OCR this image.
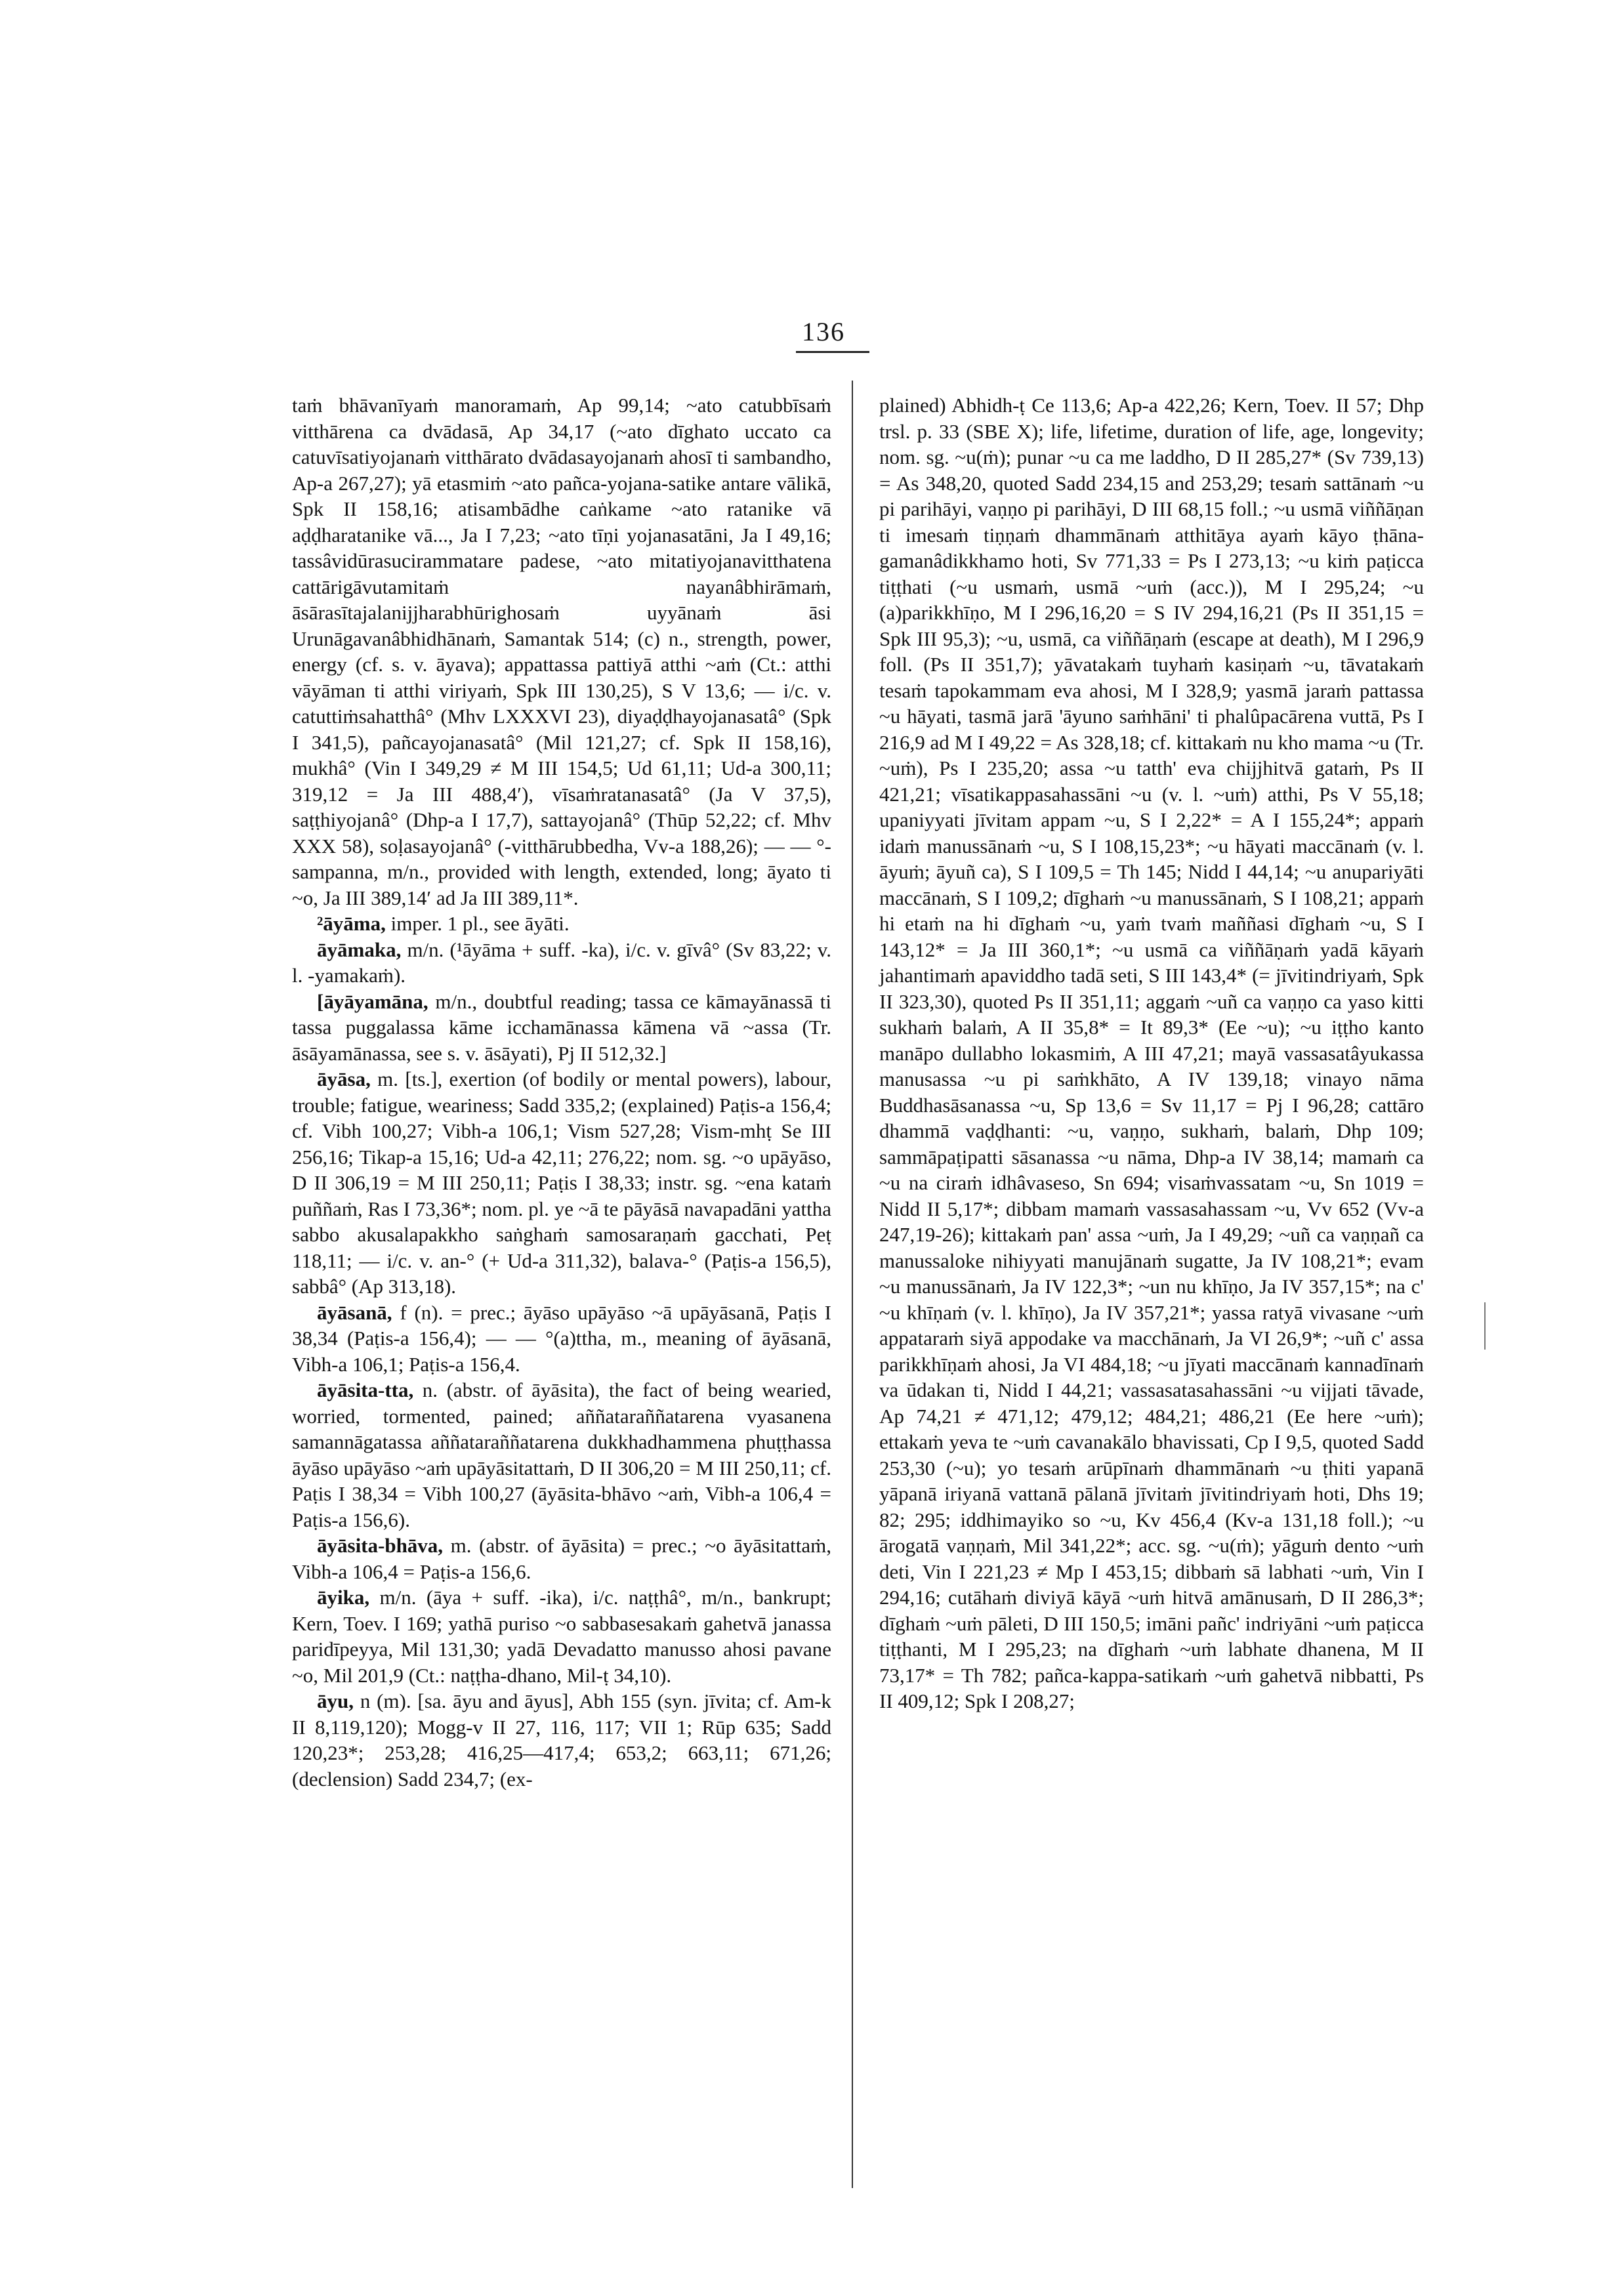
136

taṁ bhāvanīyaṁ manoramaṁ, Ap 99,14; ~ato catubbīsaṁ vitthārena ca dvādasā, Ap 34,17 (~ato dīghato uccato ca catuvīsatiyojanaṁ vitthārato dvādasayojanaṁ ahosī ti sambandho, Ap-a 267,27); yā etasmiṁ ~ato pañca-yojana-satike antare vālikā, Spk II 158,16; atisambādhe caṅkame ~ato ratanike vā aḍḍharatanike vā..., Ja I 7,23; ~ato tīṇi yojanasatāni, Ja I 49,16; tassâvidūrasucirammatare padese, ~ato mitatiyojanavitthatena cattārigāvutamitaṁ nayanâbhirāmaṁ, āsārasītajalanijjharabhūrighosaṁ uyyānaṁ āsi Urunāgavanâbhidhānaṁ, Samantak 514; (c) n., strength, power, energy (cf. s. v. āyava); appattassa pattiyā atthi ~aṁ (Ct.: atthi vāyāman ti atthi viriyaṁ, Spk III 130,25), S V 13,6; — i/c. v. catuttiṁsahatthâ° (Mhv LXXXVI 23), diyaḍḍhayojanasatâ° (Spk I 341,5), pañcayojanasatâ° (Mil 121,27; cf. Spk II 158,16), mukhâ° (Vin I 349,29 ≠ M III 154,5; Ud 61,11; Ud-a 300,11; 319,12 = Ja III 488,4′), vīsaṁratanasatâ° (Ja V 37,5), saṭṭhiyojanâ° (Dhp-a I 17,7), sattayojanâ° (Thūp 52,22; cf. Mhv XXX 58), soḷasayojanâ° (-vitthārubbedha, Vv-a 188,26); — — °-sampanna, m/n., provided with length, extended, long; āyato ti ~o, Ja III 389,14′ ad Ja III 389,11*.

²āyāma, imper. 1 pl., see āyāti.

āyāmaka, m/n. (¹āyāma + suff. -ka), i/c. v. gīvâ° (Sv 83,22; v. l. -yamakaṁ).

[āyāyamāna, m/n., doubtful reading; tassa ce kāmayānassā ti tassa puggalassa kāme icchamānassa kāmena vā ~assa (Tr. āsāyamānassa, see s. v. āsāyati), Pj II 512,32.]

āyāsa, m. [ts.], exertion (of bodily or mental powers), labour, trouble; fatigue, weariness; Sadd 335,2; (explained) Paṭis-a 156,4; cf. Vibh 100,27; Vibh-a 106,1; Vism 527,28; Vism-mhṭ Se III 256,16; Tikap-a 15,16; Ud-a 42,11; 276,22; nom. sg. ~o upāyāso, D II 306,19 = M III 250,11; Paṭis I 38,33; instr. sg. ~ena kataṁ puññaṁ, Ras I 73,36*; nom. pl. ye ~ā te pāyāsā navapadāni yattha sabbo akusalapakkho saṅghaṁ samosaraṇaṁ gacchati, Peṭ 118,11; — i/c. v. an-° (+ Ud-a 311,32), balava-° (Paṭis-a 156,5), sabbâ° (Ap 313,18).

āyāsanā, f (n). = prec.; āyāso upāyāso ~ā upāyāsanā, Paṭis I 38,34 (Paṭis-a 156,4); — — °(a)ttha, m., meaning of āyāsanā, Vibh-a 106,1; Paṭis-a 156,4.

āyāsita-tta, n. (abstr. of āyāsita), the fact of being wearied, worried, tormented, pained; aññataraññatarena vyasanena samannāgatassa aññataraññatarena dukkhadhammena phuṭṭhassa āyāso upāyāso ~aṁ upāyāsitattaṁ, D II 306,20 = M III 250,11; cf. Paṭis I 38,34 = Vibh 100,27 (āyāsita-bhāvo ~aṁ, Vibh-a 106,4 = Paṭis-a 156,6).

āyāsita-bhāva, m. (abstr. of āyāsita) = prec.; ~o āyāsitattaṁ, Vibh-a 106,4 = Paṭis-a 156,6.

āyika, m/n. (āya + suff. -ika), i/c. naṭṭhâ°, m/n., bankrupt; Kern, Toev. I 169; yathā puriso ~o sabbasesakaṁ gahetvā janassa paridīpeyya, Mil 131,30; yadā Devadatto manusso ahosi pavane ~o, Mil 201,9 (Ct.: naṭṭha-dhano, Mil-ṭ 34,10).

āyu, n (m). [sa. āyu and āyus], Abh 155 (syn. jīvita; cf. Am-k II 8,119,120); Mogg-v II 27, 116, 117; VII 1; Rūp 635; Sadd 120,23*; 253,28; 416,25—417,4; 653,2; 663,11; 671,26; (declension) Sadd 234,7; (ex-

plained) Abhidh-ṭ Ce 113,6; Ap-a 422,26; Kern, Toev. II 57; Dhp trsl. p. 33 (SBE X); life, lifetime, duration of life, age, longevity; nom. sg. ~u(ṁ); punar ~u ca me laddho, D II 285,27* (Sv 739,13) = As 348,20, quoted Sadd 234,15 and 253,29; tesaṁ sattānaṁ ~u pi parihāyi, vaṇṇo pi parihāyi, D III 68,15 foll.; ~u usmā viññāṇan ti imesaṁ tiṇṇaṁ dhammānaṁ atthitāya ayaṁ kāyo ṭhāna-gamanâdikkhamo hoti, Sv 771,33 = Ps I 273,13; ~u kiṁ paṭicca tiṭṭhati (~u usmaṁ, usmā ~uṁ (acc.)), M I 295,24; ~u (a)parikkhīṇo, M I 296,16,20 = S IV 294,16,21 (Ps II 351,15 = Spk III 95,3); ~u, usmā, ca viññāṇaṁ (escape at death), M I 296,9 foll. (Ps II 351,7); yāvatakaṁ tuyhaṁ kasiṇaṁ ~u, tāvatakaṁ tesaṁ tapokammam eva ahosi, M I 328,9; yasmā jaraṁ pattassa ~u hāyati, tasmā jarā 'āyuno saṁhāni' ti phalûpacārena vuttā, Ps I 216,9 ad M I 49,22 = As 328,18; cf. kittakaṁ nu kho mama ~u (Tr. ~uṁ), Ps I 235,20; assa ~u tatth' eva chijjhitvā gataṁ, Ps II 421,21; vīsatikappasahassāni ~u (v. l. ~uṁ) atthi, Ps V 55,18; upaniyyati jīvitam appam ~u, S I 2,22* = A I 155,24*; appaṁ idaṁ manussānaṁ ~u, S I 108,15,23*; ~u hāyati maccānaṁ (v. l. āyuṁ; āyuñ ca), S I 109,5 = Th 145; Nidd I 44,14; ~u anupariyāti maccānaṁ, S I 109,2; dīghaṁ ~u manussānaṁ, S I 108,21; appaṁ hi etaṁ na hi dīghaṁ ~u, yaṁ tvaṁ maññasi dīghaṁ ~u, S I 143,12* = Ja III 360,1*; ~u usmā ca viññāṇaṁ yadā kāyaṁ jahantimaṁ apaviddho tadā seti, S III 143,4* (= jīvitindriyaṁ, Spk II 323,30), quoted Ps II 351,11; aggaṁ ~uñ ca vaṇṇo ca yaso kitti sukhaṁ balaṁ, A II 35,8* = It 89,3* (Ee ~u); ~u iṭṭho kanto manāpo dullabho lokasmiṁ, A III 47,21; mayā vassasatâyukassa manusassa ~u pi saṁkhāto, A IV 139,18; vinayo nāma Buddhasāsanassa ~u, Sp 13,6 = Sv 11,17 = Pj I 96,28; cattāro dhammā vaḍḍhanti: ~u, vaṇṇo, sukhaṁ, balaṁ, Dhp 109; sammāpaṭipatti sāsanassa ~u nāma, Dhp-a IV 38,14; mamaṁ ca ~u na ciraṁ idhâvaseso, Sn 694; visaṁvassatam ~u, Sn 1019 = Nidd II 5,17*; dibbam mamaṁ vassasahassam ~u, Vv 652 (Vv-a 247,19-26); kittakaṁ pan' assa ~uṁ, Ja I 49,29; ~uñ ca vaṇṇañ ca manussaloke nihiyyati manujānaṁ sugatte, Ja IV 108,21*; evam ~u manussānaṁ, Ja IV 122,3*; ~un nu khīṇo, Ja IV 357,15*; na c' ~u khīṇaṁ (v. l. khīṇo), Ja IV 357,21*; yassa ratyā vivasane ~uṁ appataraṁ siyā appodake va macchānaṁ, Ja VI 26,9*; ~uñ c' assa parikkhīṇaṁ ahosi, Ja VI 484,18; ~u jīyati maccānaṁ kannadīnaṁ va ūdakan ti, Nidd I 44,21; vassasatasahassāni ~u vijjati tāvade, Ap 74,21 ≠ 471,12; 479,12; 484,21; 486,21 (Ee here ~uṁ); ettakaṁ yeva te ~uṁ cavanakālo bhavissati, Cp I 9,5, quoted Sadd 253,30 (~u); yo tesaṁ arūpīnaṁ dhammānaṁ ~u ṭhiti yapanā yāpanā iriyanā vattanā pālanā jīvitaṁ jīvitindriyaṁ hoti, Dhs 19; 82; 295; iddhimayiko so ~u, Kv 456,4 (Kv-a 131,18 foll.); ~u ārogatā vaṇṇaṁ, Mil 341,22*; acc. sg. ~u(ṁ); yāguṁ dento ~uṁ deti, Vin I 221,23 ≠ Mp I 453,15; dibbaṁ sā labhati ~uṁ, Vin I 294,16; cutāhaṁ diviyā kāyā ~uṁ hitvā amānusaṁ, D II 286,3*; dīghaṁ ~uṁ pāleti, D III 150,5; imāni pañc' indriyāni ~uṁ paṭicca tiṭṭhanti, M I 295,23; na dīghaṁ ~uṁ labhate dhanena, M II 73,17* = Th 782; pañca-kappa-satikaṁ ~uṁ gahetvā nibbatti, Ps II 409,12; Spk I 208,27;
